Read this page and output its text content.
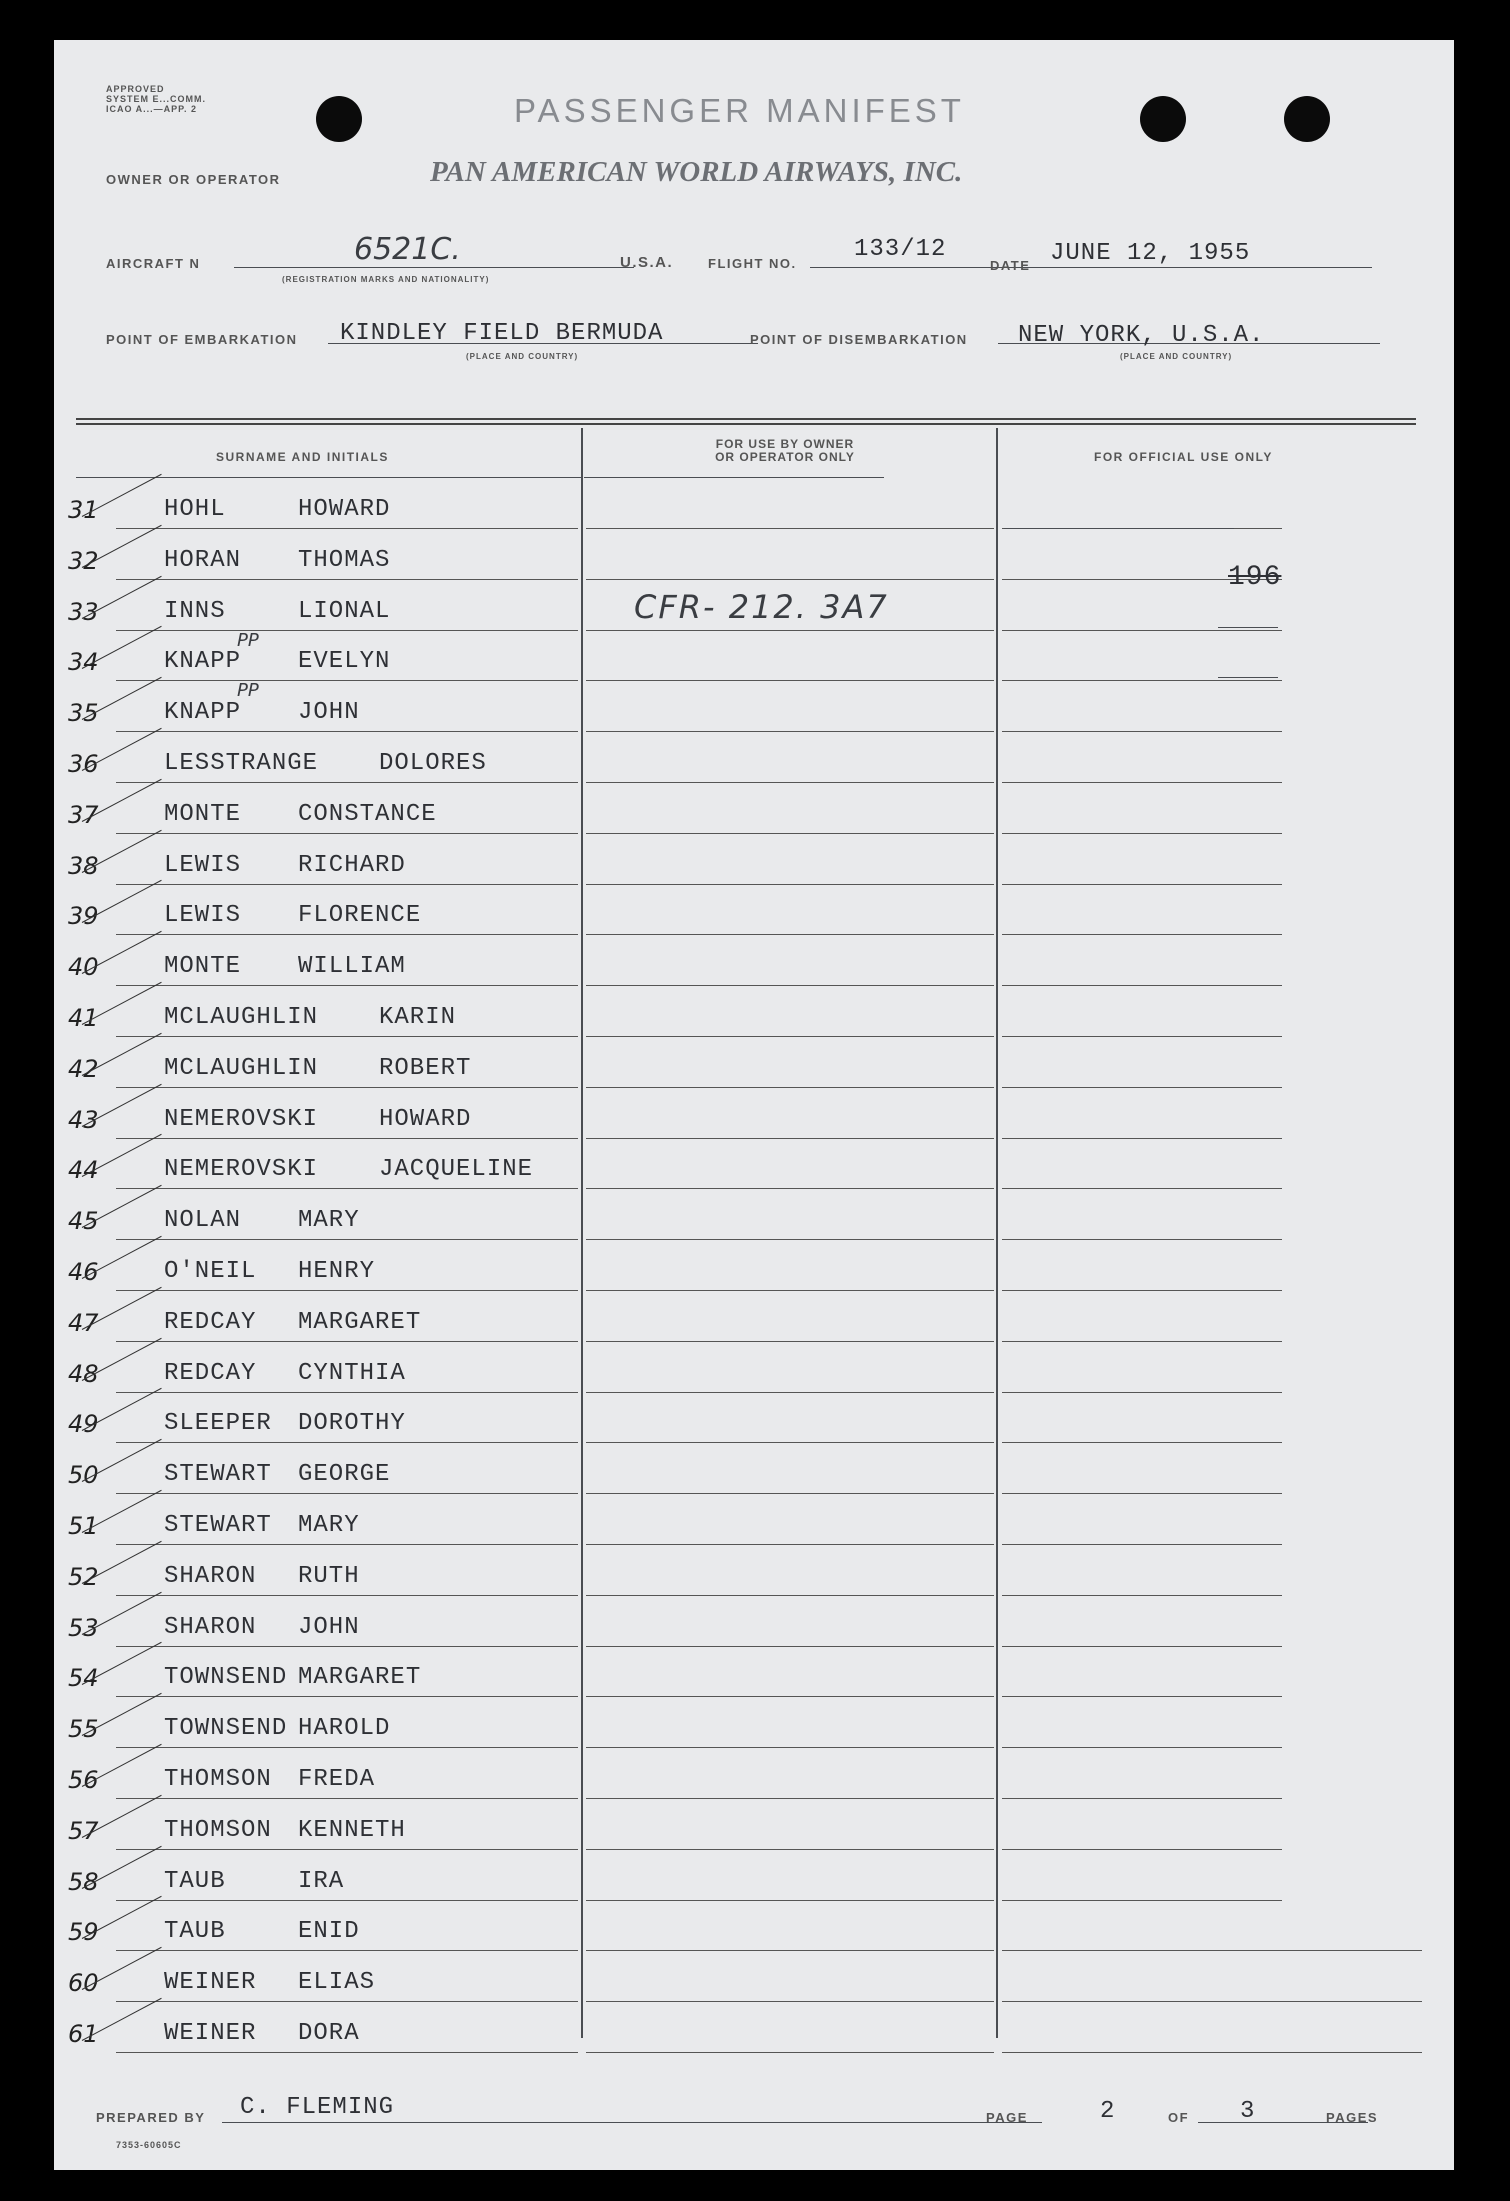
APPROVED
SYSTEM E...COMM.
ICAO A...—APP. 2	PASSENGER MANIFEST
OWNER OR OPERATOR	PAN AMERICAN WORLD AIRWAYS, INC.
AIRCRAFT N	6521C.
(REGISTRATION MARKS AND NATIONALITY)
U.S.A.	FLIGHT NO.
133/12
DATE JUNE 12, 1955
POINT OF EMBARKATION KINDLEY FIELD BERMUDA
(PLACE AND COUNTRY)
POINT OF DISEMBARKATION NEW YORK, U.S.A.
(PLACE AND COUNTRY)
SURNAME AND INITIALS
FOR USE BY OWNER
OR OPERATOR ONLY	FOR OFFICIAL USE ONLY
31	HOHL	HOWARD
32	HORAN THOMAS
33	INNS	LIONAL
34	KNAPP EVELYN
35	KNAPP JOHN
36	LESSTRANGE	DOLORES
37	MONTE CONSTANCE
38	LEWIS RICHARD
39	LEWIS FLORENCE
40	MONTE WILLIAM
41	MCLAUGHLIN	KARIN
42	MCLAUGHLIN	ROBERT
43	NEMEROVSKI	HOWARD
44	NEMEROVSKI	JACQUELINE
45	NOLAN MARY
46	O'NEIL HENRY
47	REDCAY MARGARET
48	REDCAY CYNTHIA
49	SLEEPER DOROTHY
50	STEWART GEORGE
51	STEWART MARY
52	SHARON RUTH
53	SHARON JOHN
54	TOWNSEND MARGARET
55	TOWNSEND HAROLD
56	THOMSON FREDA
57	THOMSON KENNETH
58	TAUB	IRA
59	TAUB	ENID
60	WEINER ELIAS
61	WEINER DORA
CFR- 212. 3A7
196
PP
PP
PREPARED BY C. FLEMING	PAGE	2	OF 3	PAGES
7353-60605C
